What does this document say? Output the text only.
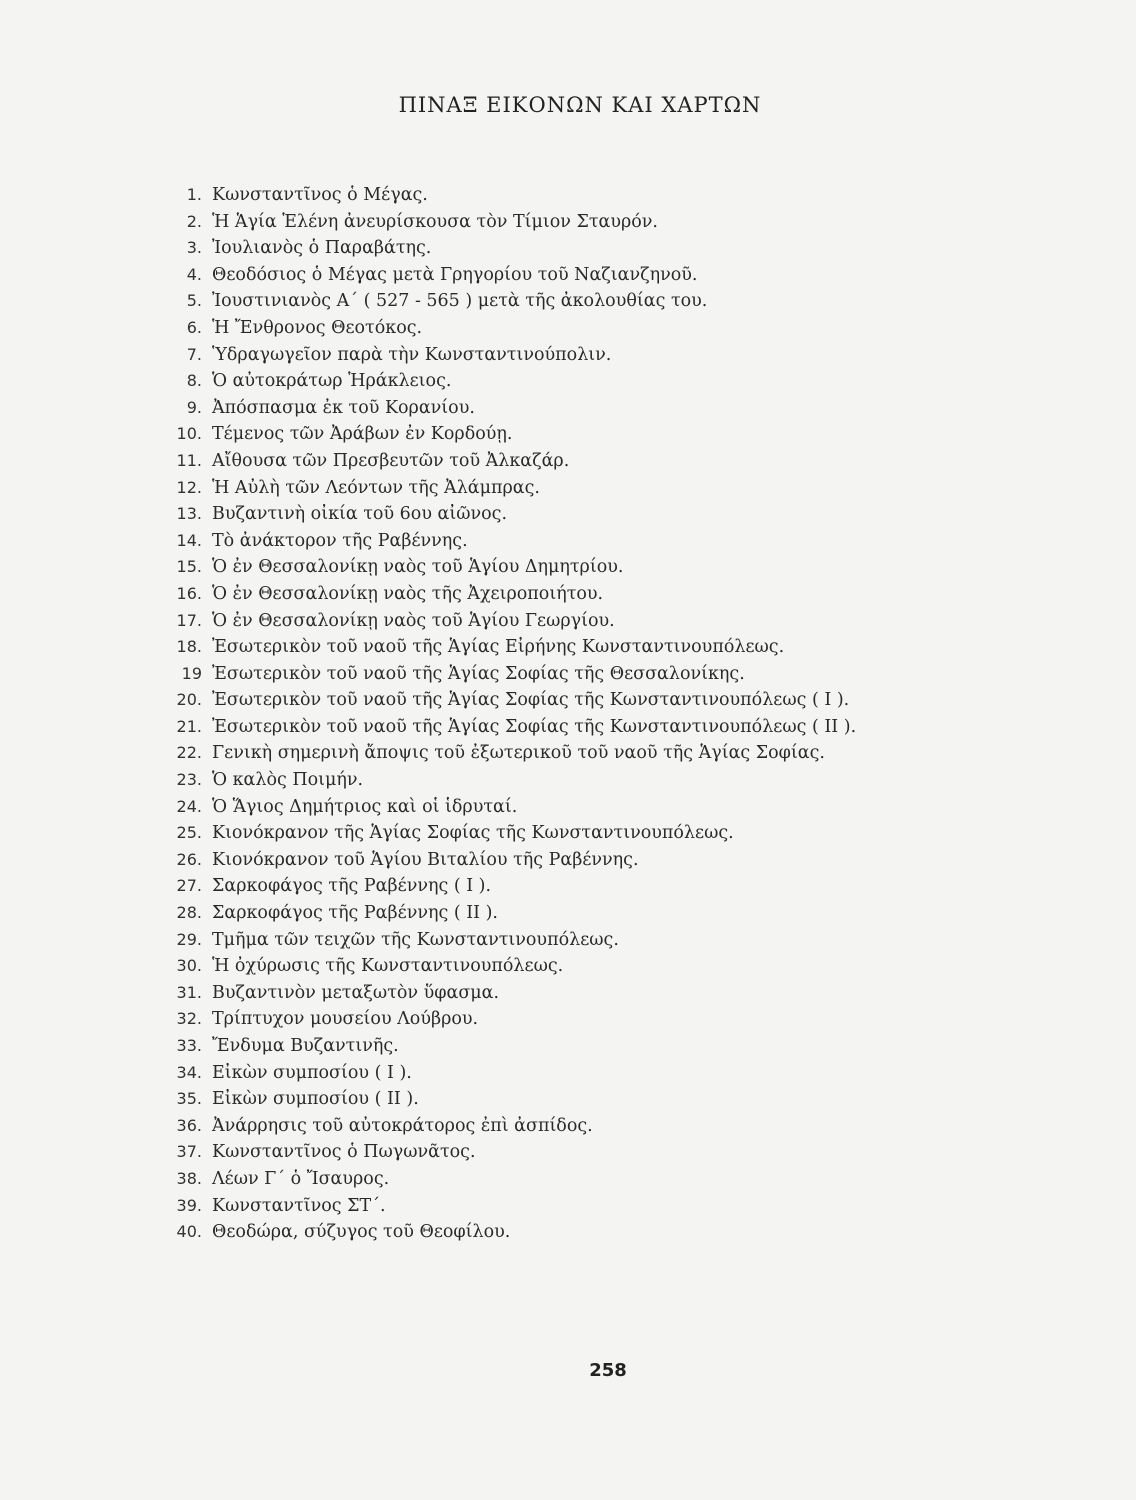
ΠΙΝΑΞ ΕΙΚΟΝΩΝ ΚΑΙ ΧΑΡΤΩΝ
1. Κωνσταντῖνος ὁ Μέγας.
2. Ἡ Ἁγία Ἑλένη ἀνευρίσκουσα τὸν Τίμιον Σταυρόν.
3. Ἰουλιανὸς ὁ Παραβάτης.
4. Θεοδόσιος ὁ Μέγας μετὰ Γρηγορίου τοῦ Ναζιανζηνοῦ.
5. Ἰουστινιανὸς Α΄ ( 527 - 565 ) μετὰ τῆς ἀκολουθίας του.
6. Ἡ Ἔνθρονος Θεοτόκος.
7. Ὑδραγωγεῖον παρὰ τὴν Κωνσταντινούπολιν.
8. Ὁ αὐτοκράτωρ Ἡράκλειος.
9. Ἀπόσπασμα ἐκ τοῦ Κορανίου.
10. Τέμενος τῶν Ἀράβων ἐν Κορδούῃ.
11. Αἴθουσα τῶν Πρεσβευτῶν τοῦ Ἀλκαζάρ.
12. Ἡ Αὐλὴ τῶν Λεόντων τῆς Ἀλάμπρας.
13. Βυζαντινὴ οἰκία τοῦ 6ου αἰῶνος.
14. Τὸ ἀνάκτορον τῆς Ραβέννης.
15. Ὁ ἐν Θεσσαλονίκῃ ναὸς τοῦ Ἁγίου Δημητρίου.
16. Ὁ ἐν Θεσσαλονίκῃ ναὸς τῆς Ἀχειροποιήτου.
17. Ὁ ἐν Θεσσαλονίκῃ ναὸς τοῦ Ἁγίου Γεωργίου.
18. Ἐσωτερικὸν τοῦ ναοῦ τῆς Ἁγίας Εἰρήνης Κωνσταντινουπόλεως.
19 Ἐσωτερικὸν τοῦ ναοῦ τῆς Ἁγίας Σοφίας τῆς Θεσσαλονίκης.
20. Ἐσωτερικὸν τοῦ ναοῦ τῆς Ἁγίας Σοφίας τῆς Κωνσταντινουπόλεως ( Ι ).
21. Ἐσωτερικὸν τοῦ ναοῦ τῆς Ἁγίας Σοφίας τῆς Κωνσταντινουπόλεως ( ΙΙ ).
22. Γενικὴ σημερινὴ ἄποψις τοῦ ἐξωτερικοῦ τοῦ ναοῦ τῆς Ἁγίας Σοφίας.
23. Ὁ καλὸς Ποιμήν.
24. Ὁ Ἅγιος Δημήτριος καὶ οἱ ἱδρυταί.
25. Κιονόκρανον τῆς Ἁγίας Σοφίας τῆς Κωνσταντινουπόλεως.
26. Κιονόκρανον τοῦ Ἁγίου Βιταλίου τῆς Ραβέννης.
27. Σαρκοφάγος τῆς Ραβέννης ( Ι ).
28. Σαρκοφάγος τῆς Ραβέννης ( ΙΙ ).
29. Τμῆμα τῶν τειχῶν τῆς Κωνσταντινουπόλεως.
30. Ἡ ὀχύρωσις τῆς Κωνσταντινουπόλεως.
31. Βυζαντινὸν μεταξωτὸν ὕφασμα.
32. Τρίπτυχον μουσείου Λούβρου.
33. Ἔνδυμα Βυζαντινῆς.
34. Εἰκὼν συμποσίου ( Ι ).
35. Εἰκὼν συμποσίου ( ΙΙ ).
36. Ἀνάρρησις τοῦ αὐτοκράτορος ἐπὶ ἀσπίδος.
37. Κωνσταντῖνος ὁ Πωγωνᾶτος.
38. Λέων Γ΄ ὁ Ἴσαυρος.
39. Κωνσταντῖνος ΣΤ΄.
40. Θεοδώρα, σύζυγος τοῦ Θεοφίλου.
258
